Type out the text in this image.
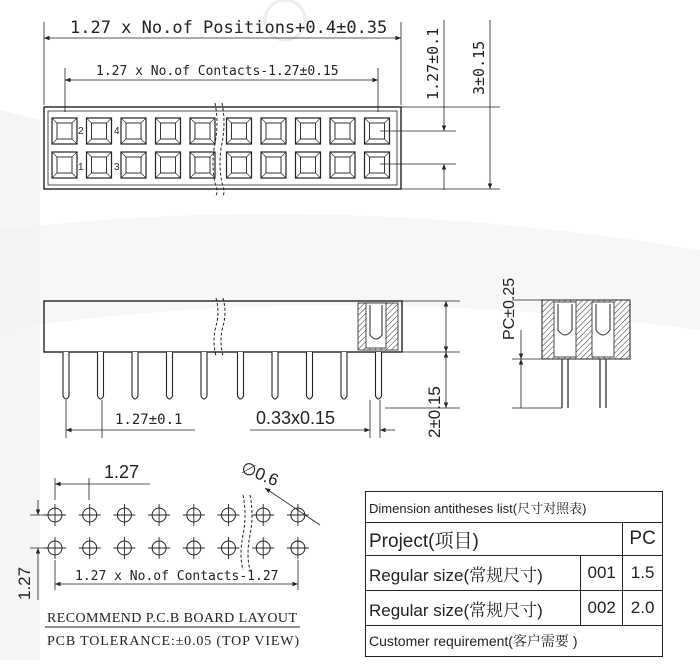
1.27 x No.of Positions+0.4±0.35
1.27 x No.of Contacts-1.27±0.15	1.27±0.1 3±0.15
2	4
1	3
1.27±0.1	0.33x0.15	2±0.15
PC±0.25
1.27	∅0.6
1.27	1.27 x No.of Contacts-1.27
RECOMMEND P.C.B BOARD LAYOUT
PCB TOLERANCE:±0.05 (TOP VIEW)
Dimension antitheses list(尺寸对照表)		
Project(项目)		PC
Regular size(常规尺寸)	001	1.5
Regular size(常规尺寸)	002	2.0
Customer requirement(客户需要 )		
